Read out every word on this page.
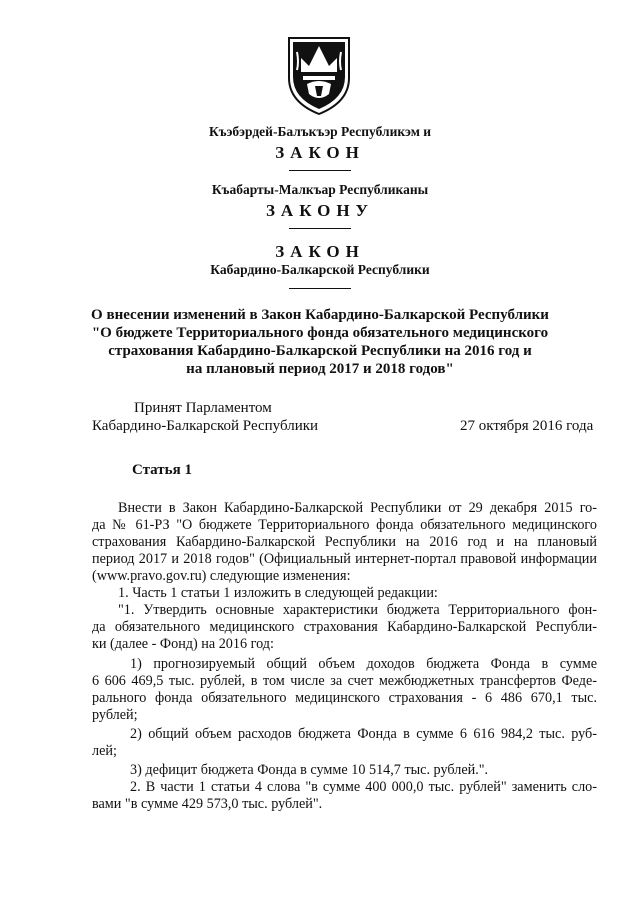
Къэбэрдей-Балъкъэр Республикэм и
ЗАКОН
Къабарты-Малкъар Республиканы
ЗАКОНУ
ЗАКОН
Кабардино-Балкарской Республики
О внесении изменений в Закон Кабардино-Балкарской Республики
"О бюджете Территориального фонда обязательного медицинского
страхования Кабардино-Балкарской Республики на 2016 год и
на плановый период 2017 и 2018 годов"
Принят Парламентом
Кабардино-Балкарской Республики	27 октября 2016 года
Статья 1
Внести в Закон Кабардино-Балкарской Республики от 29 декабря 2015 го-
да № 61-РЗ "О бюджете Территориального фонда обязательного медицинского
страхования Кабардино-Балкарской Республики на 2016 год и на плановый
период 2017 и 2018 годов" (Официальный интернет-портал правовой информации
(www.pravo.gov.ru) следующие изменения:
1. Часть 1 статьи 1 изложить в следующей редакции:
"1. Утвердить основные характеристики бюджета Территориального фон-
да обязательного медицинского страхования Кабардино-Балкарской Республи-
ки (далее - Фонд) на 2016 год:
1) прогнозируемый общий объем доходов бюджета Фонда в сумме
6 606 469,5 тыс. рублей, в том числе за счет межбюджетных трансфертов Феде-
рального фонда обязательного медицинского страхования - 6 486 670,1 тыс.
рублей;
2) общий объем расходов бюджета Фонда в сумме 6 616 984,2 тыс. руб-
лей;
3) дефицит бюджета Фонда в сумме 10 514,7 тыс. рублей.".
2. В части 1 статьи 4 слова "в сумме 400 000,0 тыс. рублей" заменить сло-
вами "в сумме 429 573,0 тыс. рублей".
